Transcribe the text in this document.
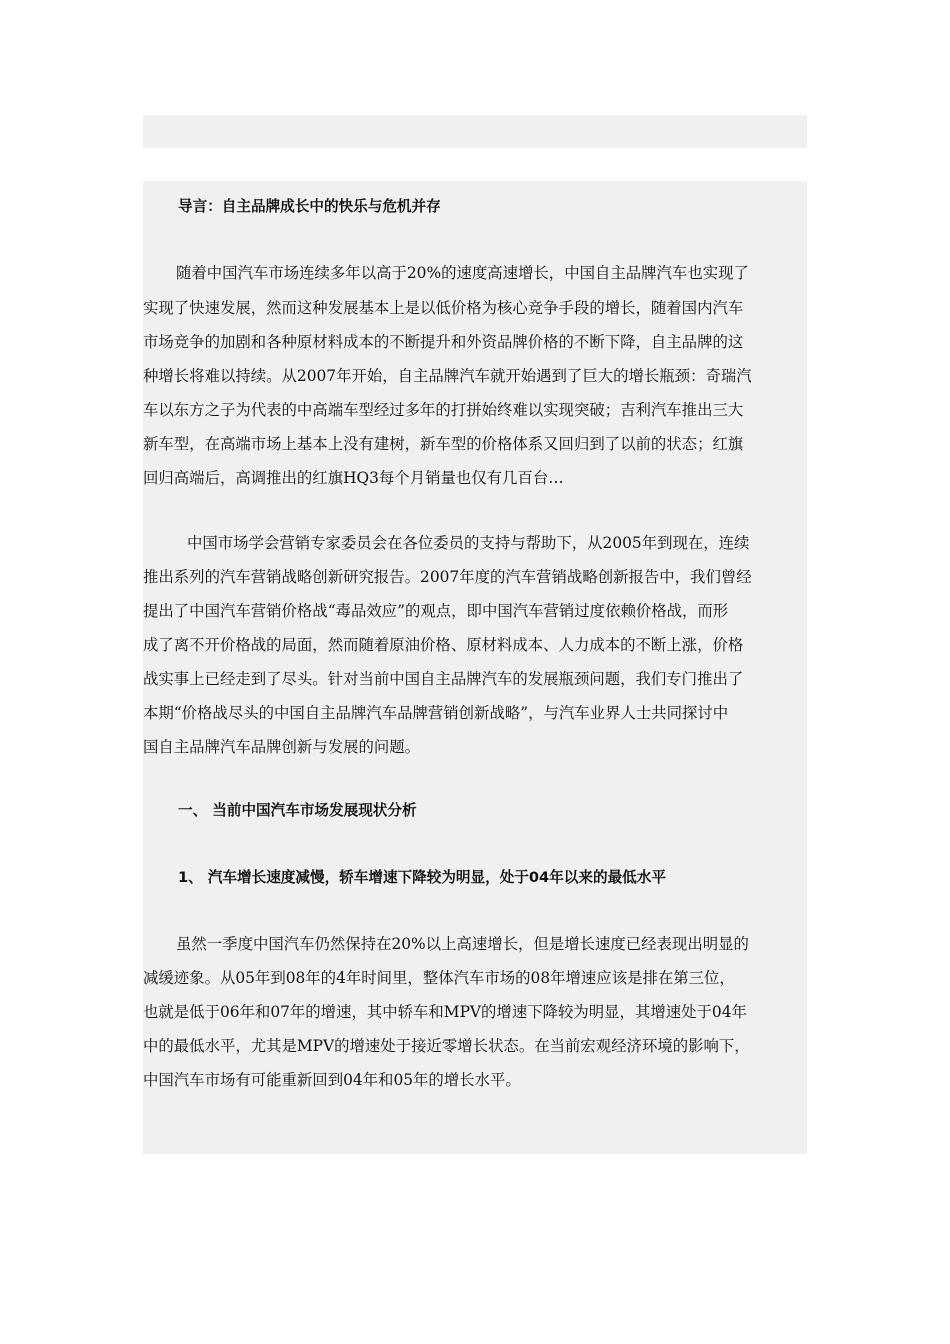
导言：自主品牌成长中的快乐与危机并存
随着中国汽车市场连续多年以高于20%的速度高速增长，中国自主品牌汽车也实现了
实现了快速发展，然而这种发展基本上是以低价格为核心竞争手段的增长，随着国内汽车
市场竞争的加剧和各种原材料成本的不断提升和外资品牌价格的不断下降，自主品牌的这
种增长将难以持续。从2007年开始，自主品牌汽车就开始遇到了巨大的增长瓶颈：奇瑞汽
车以东方之子为代表的中高端车型经过多年的打拼始终难以实现突破；吉利汽车推出三大
新车型，在高端市场上基本上没有建树，新车型的价格体系又回归到了以前的状态；红旗
回归高端后，高调推出的红旗HQ3每个月销量也仅有几百台…
中国市场学会营销专家委员会在各位委员的支持与帮助下，从2005年到现在，连续
推出系列的汽车营销战略创新研究报告。2007年度的汽车营销战略创新报告中，我们曾经
提出了中国汽车营销价格战“毒品效应”的观点，即中国汽车营销过度依赖价格战，而形
成了离不开价格战的局面，然而随着原油价格、原材料成本、人力成本的不断上涨，价格
战实事上已经走到了尽头。针对当前中国自主品牌汽车的发展瓶颈问题，我们专门推出了
本期“价格战尽头的中国自主品牌汽车品牌营销创新战略”，与汽车业界人士共同探讨中
国自主品牌汽车品牌创新与发展的问题。
一、 当前中国汽车市场发展现状分析
1、 汽车增长速度减慢，轿车增速下降较为明显，处于04年以来的最低水平
虽然一季度中国汽车仍然保持在20%以上高速增长，但是增长速度已经表现出明显的
减缓迹象。从05年到08年的4年时间里，整体汽车市场的08年增速应该是排在第三位，
也就是低于06年和07年的增速，其中轿车和MPV的增速下降较为明显，其增速处于04年
中的最低水平，尤其是MPV的增速处于接近零增长状态。在当前宏观经济环境的影响下，
中国汽车市场有可能重新回到04年和05年的增长水平。
